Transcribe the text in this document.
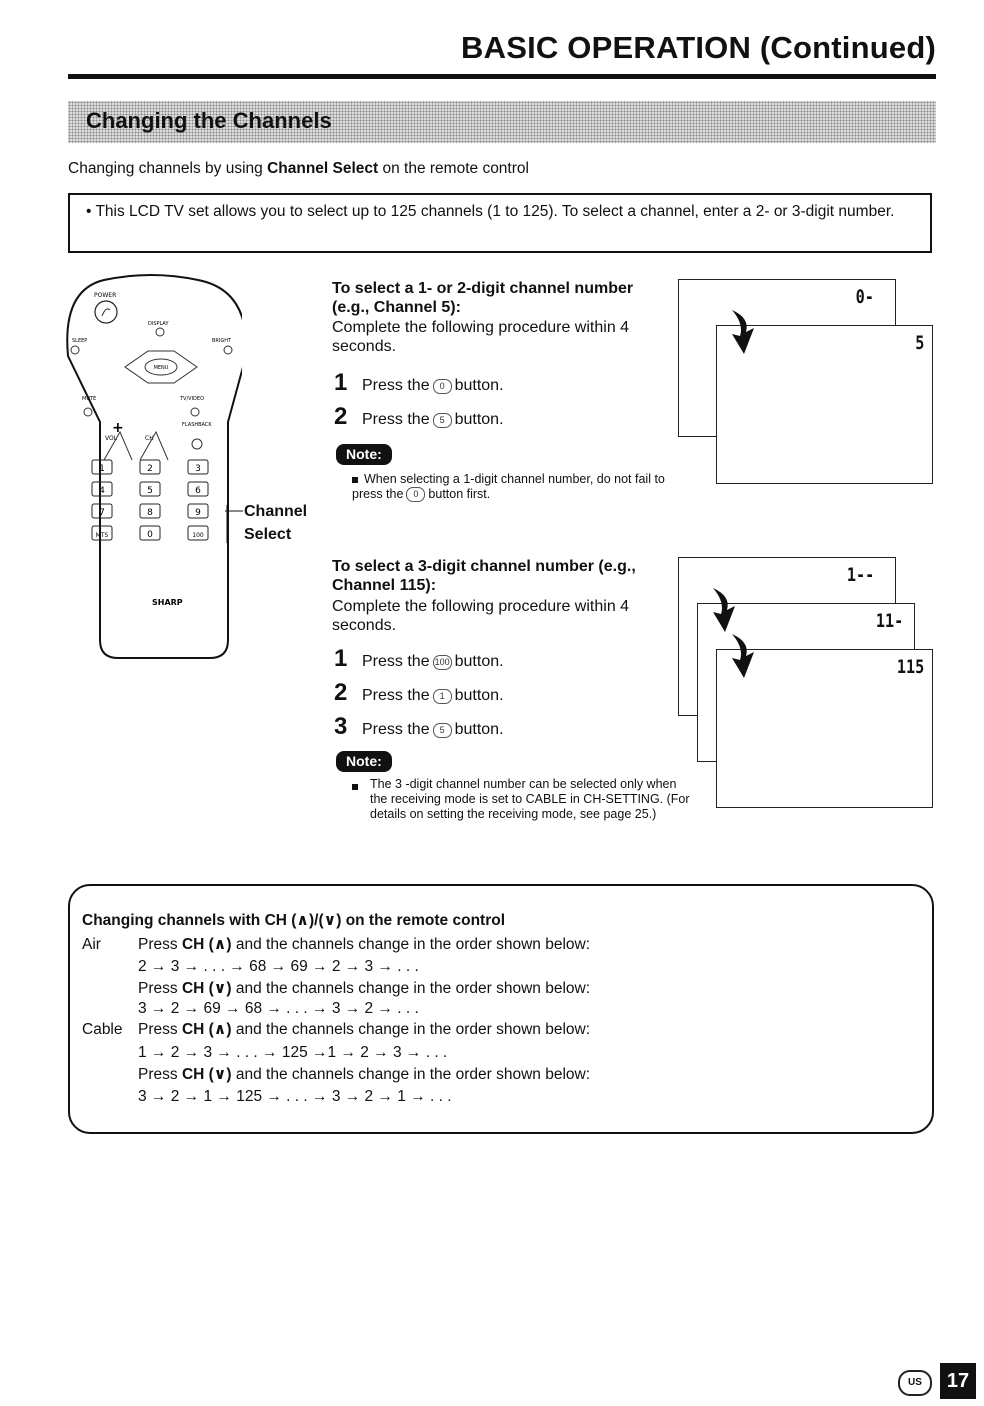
BASIC OPERATION (Continued)
Changing the Channels
Changing channels by using Channel Select on the remote control
• This LCD TV set allows you to select up to 125 channels (1 to 125). To select a channel, enter a 2- or 3-digit number.
POWER
DISPLAY
SLEEP	BRIGHT
MENU
MUTE	TV/VIDEO
FLASHBACK
VOL	CH
+
1	2	3
4	5	6
7	8	9
MTS	0	100
SHARP
Channel
Select
To select a 1- or 2-digit channel number (e.g., Channel 5):
Complete the following procedure within 4 seconds.
1 Press the 0 button.
2 Press the 5 button.
Note:
When selecting a 1-digit channel number, do not fail to press the 0 button first.
0-
5
To select a 3-digit channel number (e.g., Channel 115):
Complete the following procedure within 4 seconds.
1 Press the 100 button.
2 Press the 1 button.
3 Press the 5 button.
Note:
The 3 -digit channel number can be selected only when the receiving mode is set to CABLE in CH-SETTING. (For details on setting the receiving mode, see page 25.)
1--
11-
115
Changing channels with CH (∧)/(∨) on the remote control
Air Press CH (∧) and the channels change in the order shown below:
2 → 3 → . . . → 68 → 69 → 2 → 3 → . . .
Press CH (∨) and the channels change in the order shown below:
3 → 2 → 69 → 68 → . . . → 3 → 2 → . . .
Cable Press CH (∧) and the channels change in the order shown below:
1 → 2 → 3 → . . . → 125 →1 → 2 → 3 → . . .
Press CH (∨) and the channels change in the order shown below:
3 → 2 → 1 → 125 → . . . → 3 → 2 → 1 → . . .
US	17
